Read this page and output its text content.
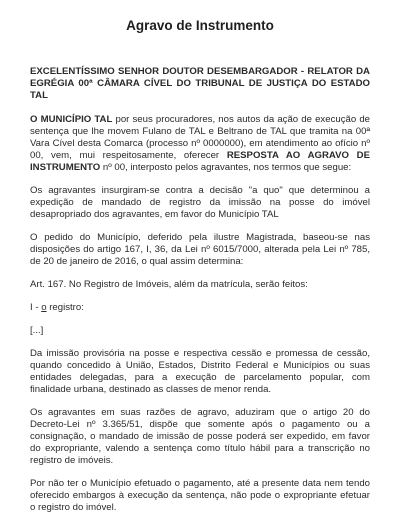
Agravo de Instrumento

EXCELENTÍSSIMO SENHOR DOUTOR DESEMBARGADOR - RELATOR DA EGRÉGIA 00ª CÂMARA CÍVEL DO TRIBUNAL DE JUSTIÇA DO ESTADO TAL

O MUNICÍPIO TAL por seus procuradores, nos autos da ação de execução de sentença que lhe movem Fulano de TAL e Beltrano de TAL que tramita na 00ª Vara Cível desta Comarca (processo nº 0000000), em atendimento ao ofício nº 00, vem, mui respeitosamente, oferecer RESPOSTA AO AGRAVO DE INSTRUMENTO nº 00, interposto pelos agravantes, nos termos que segue:

Os agravantes insurgiram-se contra a decisão "a quo" que determinou a expedição de mandado de registro da imissão na posse do imóvel desapropriado dos agravantes, em favor do Município TAL

O pedido do Município, deferido pela ilustre Magistrada, baseou-se nas disposições do artigo 167, I, 36, da Lei nº 6015/7000, alterada pela Lei nº 785, de 20 de janeiro de 2016, o qual assim determina:

Art. 167. No Registro de Imóveis, além da matrícula, serão feitos:

I - o registro:

[...]

Da imissão provisória na posse e respectiva cessão e promessa de cessão, quando concedido à União, Estados, Distrito Federal e Municípios ou suas entidades delegadas, para a execução de parcelamento popular, com finalidade urbana, destinado as classes de menor renda.

Os agravantes em suas razões de agravo, aduziram que o artigo 20 do Decreto-Lei nº 3.365/51, dispõe que somente após o pagamento ou a consignação, o mandado de imissão de posse poderá ser expedido, em favor do expropriante, valendo a sentença como título hábil para a transcrição no registro de imóveis.

Por não ter o Município efetuado o pagamento, até a presente data nem tendo oferecido embargos à execução da sentença, não pode o expropriante efetuar o registro do imóvel.
